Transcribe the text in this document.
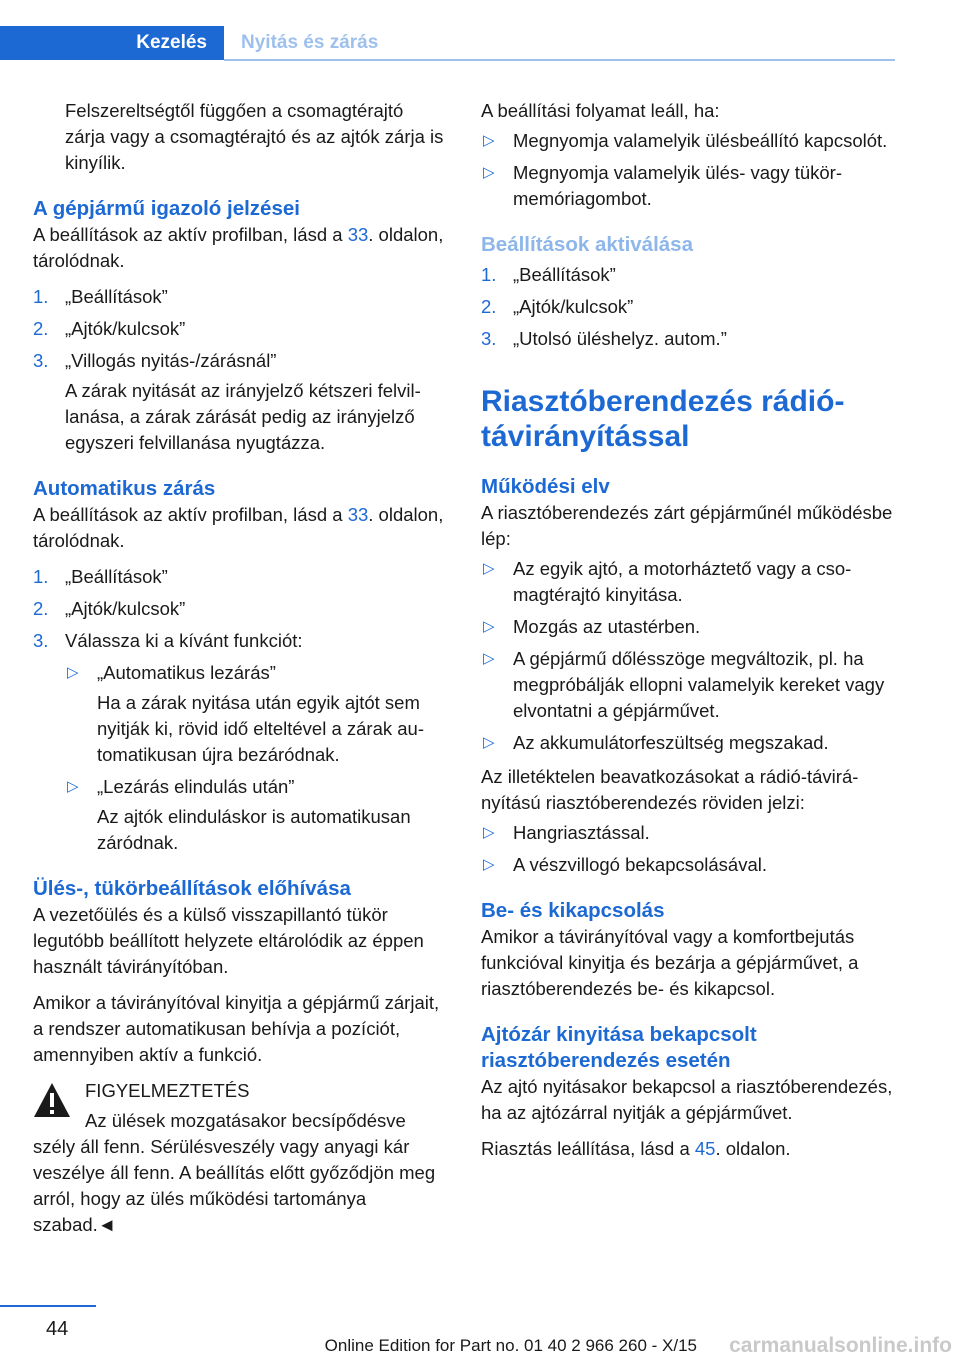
Kezelés	Nyitás és zárás

Felszereltségtől függően a csomagtérajtó zárja vagy a csomagtérajtó és az ajtók zárja is kinyílik.

A gépjármű igazoló jelzései

A beállítások az aktív profilban, lásd a 33. oldalon, tárolódnak.

1. „Beállítások”
2. „Ajtók/kulcsok”
3. „Villogás nyitás-/zárásnál”

A zárak nyitását az irányjelző kétszeri felvillanása, a zárak zárását pedig az irányjelző egyszeri felvillanása nyugtázza.

Automatikus zárás

A beállítások az aktív profilban, lásd a 33. oldalon, tárolódnak.

1. „Beállítások”
2. „Ajtók/kulcsok”
3. Válassza ki a kívánt funkciót:
▷ „Automatikus lezárás”

Ha a zárak nyitása után egyik ajtót sem nyitják ki, rövid idő elteltével a zárak automatikusan újra bezáródnak.

▷ „Lezárás elindulás után”

Az ajtók elinduláskor is automatikusan záródnak.

Ülés-, tükörbeállítások előhívása

A vezetőülés és a külső visszapillantó tükör legutóbb beállított helyzete eltárolódik az éppen használt távirányítóban.

Amikor a távirányítóval kinyitja a gépjármű zárjait, a rendszer automatikusan behívja a pozíciót, amennyiben aktív a funkció.

FIGYELMEZTETÉS
Az ülések mozgatásakor becsípődésve
szély áll fenn. Sérülésveszély vagy anyagi kár veszélye áll fenn. A beállítás előtt győződjön meg arról, hogy az ülés működési tartománya szabad.◄

A beállítási folyamat leáll, ha:

▷ Megnyomja valamelyik ülésbeállító kapcsolót.
▷ Megnyomja valamelyik ülés- vagy tükörmemóriagombot.
Beállítások aktiválása
1. „Beállítások”
2. „Ajtók/kulcsok”
3. „Utolsó üléshelyz. autom.”
Riasztóberendezés rádiótávirányítással
Működési elv

A riasztóberendezés zárt gépjárműnél működésbe lép:

▷ Az egyik ajtó, a motorháztető vagy a csomagtérajtó kinyitása.
▷ Mozgás az utastérben.
▷ A gépjármű dőlésszöge megváltozik, pl. ha megpróbálják ellopni valamelyik kereket vagy elvontatni a gépjárművet.
▷ Az akkumulátorfeszültség megszakad.

Az illetéktelen beavatkozásokat a rádió-távirányítású riasztóberendezés röviden jelzi:

▷ Hangriasztással.
▷ A vészvillogó bekapcsolásával.
Be- és kikapcsolás

Amikor a távirányítóval vagy a komfortbejutás funkcióval kinyitja és bezárja a gépjárművet, a riasztóberendezés be- és kikapcsol.

Ajtózár kinyitása bekapcsolt riasztóberendezés esetén

Az ajtó nyitásakor bekapcsol a riasztóberendezés, ha az ajtózárral nyitják a gépjárművet.

Riasztás leállítása, lásd a 45. oldalon.

44
Online Edition for Part no. 01 40 2 966 260 - X/15 carmanualsonline.info
